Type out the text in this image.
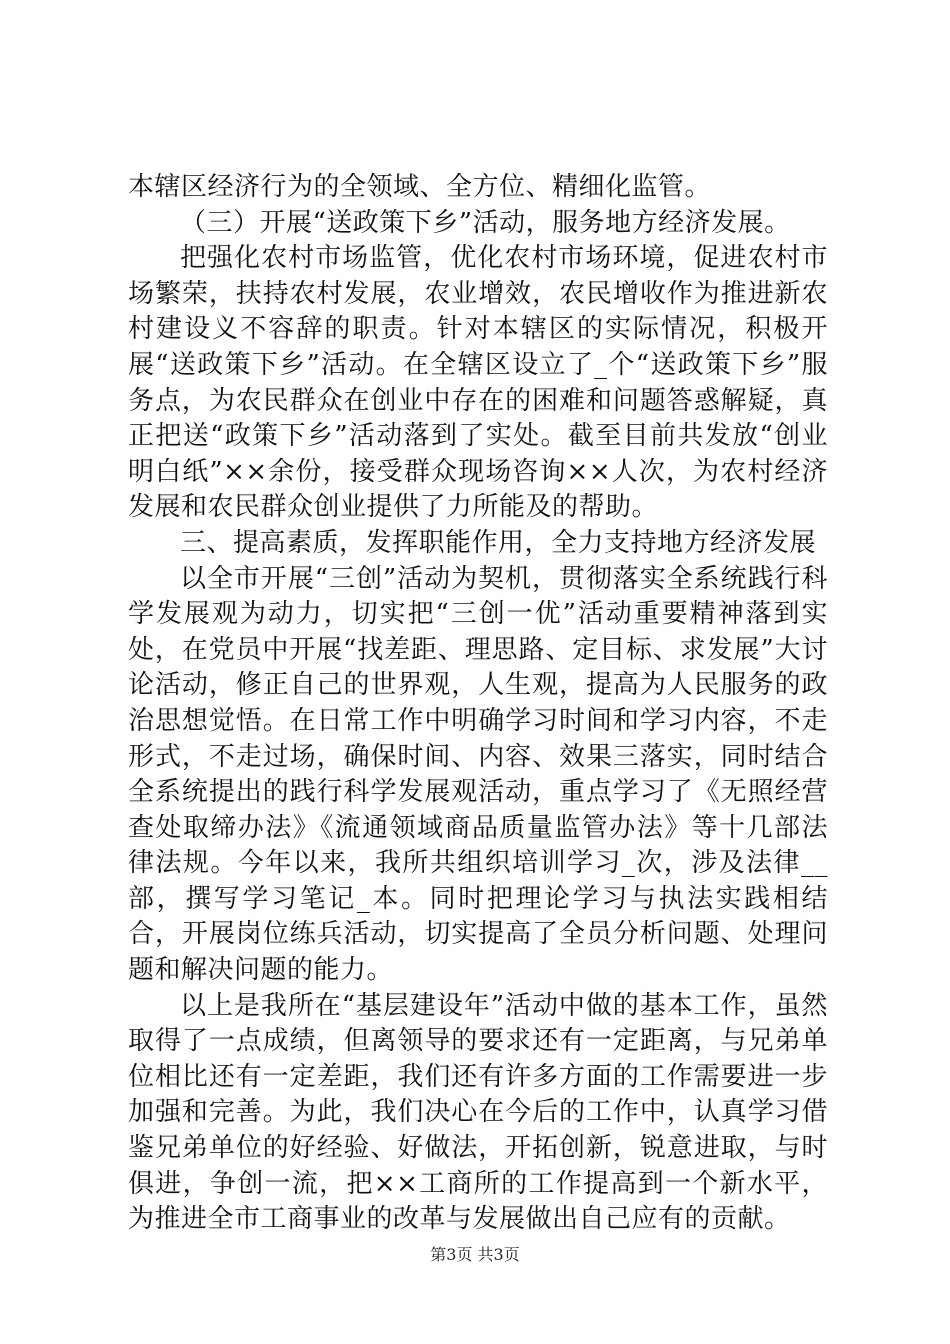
本辖区经济行为的全领域、全方位、精细化监管。

（三）开展“送政策下乡”活动，服务地方经济发展。

把强化农村市场监管，优化农村市场环境，促进农村市场繁荣，扶持农村发展，农业增效，农民增收作为推进新农村建设义不容辞的职责。针对本辖区的实际情况，积极开展“送政策下乡”活动。在全辖区设立了_个“送政策下乡”服务点，为农民群众在创业中存在的困难和问题答惑解疑，真正把送“政策下乡”活动落到了实处。截至目前共发放“创业明白纸”××余份，接受群众现场咨询××人次，为农村经济发展和农民群众创业提供了力所能及的帮助。

三、提高素质，发挥职能作用，全力支持地方经济发展

以全市开展“三创”活动为契机，贯彻落实全系统践行科学发展观为动力，切实把“三创一优”活动重要精神落到实处，在党员中开展“找差距、理思路、定目标、求发展”大讨论活动，修正自己的世界观，人生观，提高为人民服务的政治思想觉悟。在日常工作中明确学习时间和学习内容，不走形式，不走过场，确保时间、内容、效果三落实，同时结合全系统提出的践行科学发展观活动，重点学习了《无照经营查处取缔办法》《流通领域商品质量监管办法》等十几部法律法规。今年以来，我所共组织培训学习_次，涉及法律__部，撰写学习笔记_本。同时把理论学习与执法实践相结合，开展岗位练兵活动，切实提高了全员分析问题、处理问题和解决问题的能力。

以上是我所在“基层建设年”活动中做的基本工作，虽然取得了一点成绩，但离领导的要求还有一定距离，与兄弟单位相比还有一定差距，我们还有许多方面的工作需要进一步加强和完善。为此，我们决心在今后的工作中，认真学习借鉴兄弟单位的好经验、好做法，开拓创新，锐意进取，与时俱进，争创一流，把××工商所的工作提高到一个新水平，为推进全市工商事业的改革与发展做出自己应有的贡献。

第3页 共3页
